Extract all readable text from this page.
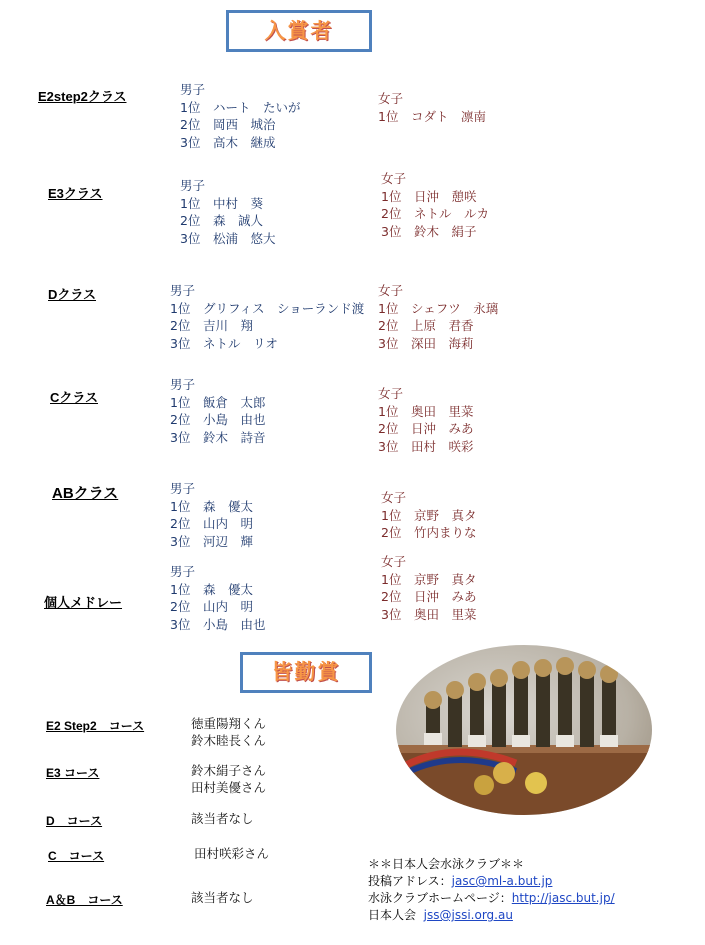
入賞者
E2step2クラス	男子
1位　ハート　たいが
2位　岡西　城治
3位　高木　継成
女子
1位　コダト　凛南
E3クラス
男子
1位　中村　葵
2位　森　誠人
3位　松浦　悠大
女子
1位　日沖　憩咲
2位　ネトル　ルカ
3位　鈴木　絹子
Dクラス	男子
1位　グリフィス　ショーランド渡
2位　吉川　翔
3位　ネトル　リオ
女子
1位　シェフツ　永璃
2位　上原　君香
3位　深田　海莉
Cクラス
男子
1位　飯倉　太郎
2位　小島　由也
3位　鈴木　詩音
女子
1位　奥田　里菜
2位　日沖　みあ
3位　田村　咲彩
ABクラス	男子
1位　森　優太
2位　山内　明
3位　河辺　輝
女子
1位　京野　真タ
2位　竹内まりな
個人メドレー
男子
1位　森　優太
2位　山内　明
3位　小島　由也
女子
1位　京野　真タ
2位　日沖　みあ
3位　奥田　里菜
皆勤賞
E2 Step2　コース	徳重陽翔くん
鈴木睦長くん
E3 コース	鈴木絹子さん
田村美優さん
D　コース	該当者なし
C　コース	田村咲彩さん
A＆B　コース	該当者なし
＊＊日本人会水泳クラブ＊＊
投稿アドレス：jasc@ml-a.but.jp
水泳クラブホームページ：http://jasc.but.jp/
日本人会 jss@jssi.org.au
